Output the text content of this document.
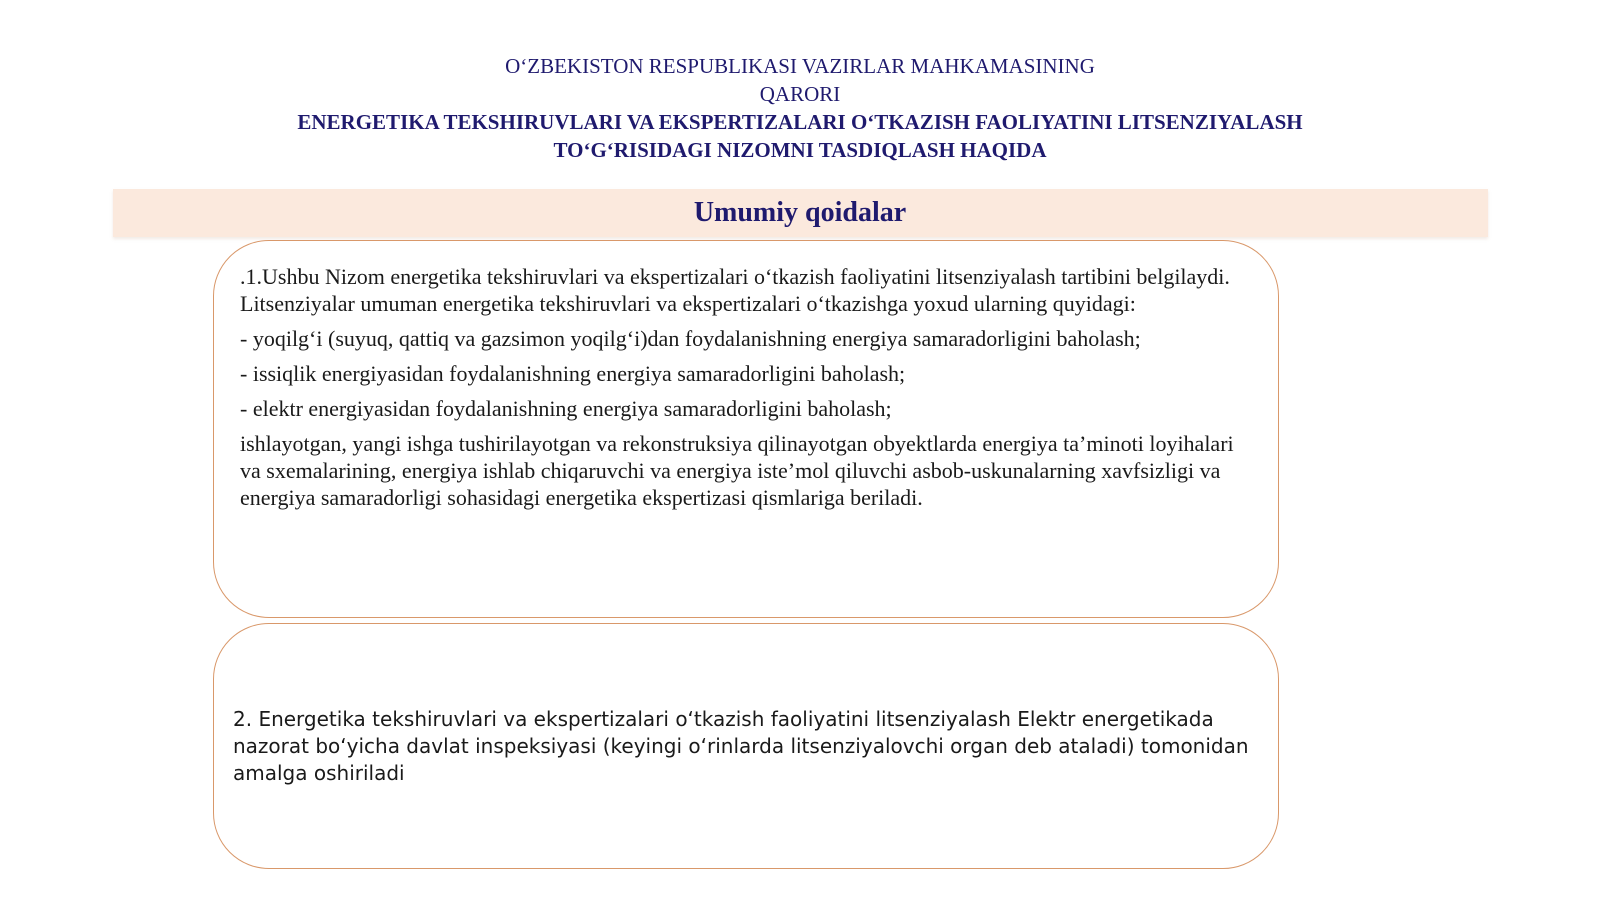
O‘ZBEKISTON RESPUBLIKASI VAZIRLAR MAHKAMASINING
QARORI
ENERGETIKA TEKSHIRUVLARI VA EKSPERTIZALARI O‘TKAZISH FAOLIYATINI LITSENZIYALASH
TO‘G‘RISIDAGI NIZOMNI TASDIQLASH HAQIDA
Umumiy qoidalar

.1.Ushbu Nizom energetika tekshiruvlari va ekspertizalari o‘tkazish faoliyatini litsenziyalash tartibini belgilaydi. Litsenziyalar umuman energetika tekshiruvlari va ekspertizalari o‘tkazishga yoxud ularning quyidagi:

- yoqilg‘i (suyuq, qattiq va gazsimon yoqilg‘i)dan foydalanishning energiya samaradorligini baholash;

- issiqlik energiyasidan foydalanishning energiya samaradorligini baholash;

- elektr energiyasidan foydalanishning energiya samaradorligini baholash;

ishlayotgan, yangi ishga tushirilayotgan va rekonstruksiya qilinayotgan obyektlarda energiya ta’minoti loyihalari va sxemalarining, energiya ishlab chiqaruvchi va energiya iste’mol qiluvchi asbob-uskunalarning xavfsizligi va energiya samaradorligi sohasidagi energetika ekspertizasi qismlariga beriladi.

2. Energetika tekshiruvlari va ekspertizalari o‘tkazish faoliyatini litsenziyalash Elektr energetikada nazorat bo‘yicha davlat inspeksiyasi (keyingi o‘rinlarda litsenziyalovchi organ deb ataladi) tomonidan amalga oshiriladi
